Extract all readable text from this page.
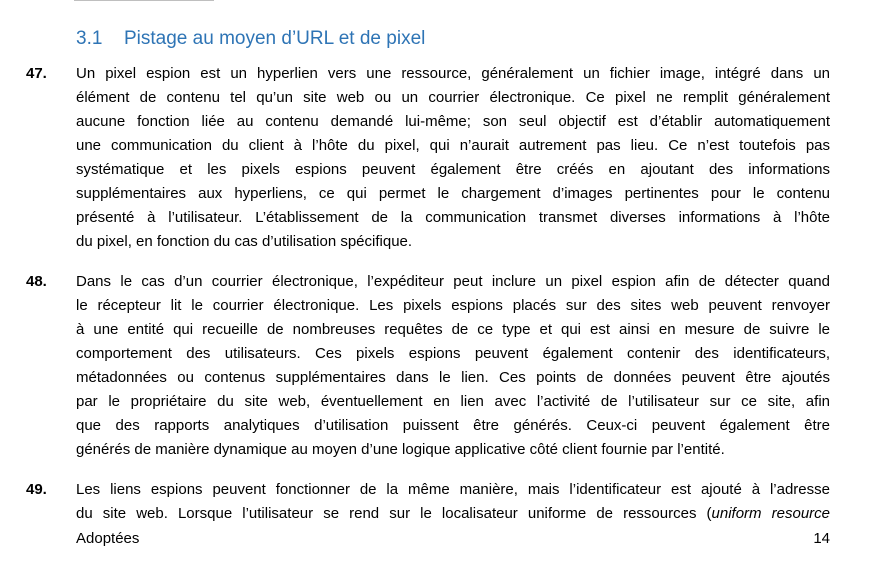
3.1 Pistage au moyen d’URL et de pixel
47. Un pixel espion est un hyperlien vers une ressource, généralement un fichier image, intégré dans un
élément de contenu tel qu’un site web ou un courrier électronique. Ce pixel ne remplit généralement
aucune fonction liée au contenu demandé lui-même; son seul objectif est d’établir automatiquement
une communication du client à l’hôte du pixel, qui n’aurait autrement pas lieu. Ce n’est toutefois pas
systématique et les pixels espions peuvent également être créés en ajoutant des informations
supplémentaires aux hyperliens, ce qui permet le chargement d’images pertinentes pour le contenu
présenté à l’utilisateur. L’établissement de la communication transmet diverses informations à l’hôte
du pixel, en fonction du cas d’utilisation spécifique.
48. Dans le cas d’un courrier électronique, l’expéditeur peut inclure un pixel espion afin de détecter quand
le récepteur lit le courrier électronique. Les pixels espions placés sur des sites web peuvent renvoyer
à une entité qui recueille de nombreuses requêtes de ce type et qui est ainsi en mesure de suivre le
comportement des utilisateurs. Ces pixels espions peuvent également contenir des identificateurs,
métadonnées ou contenus supplémentaires dans le lien. Ces points de données peuvent être ajoutés
par le propriétaire du site web, éventuellement en lien avec l’activité de l’utilisateur sur ce site, afin
que des rapports analytiques d’utilisation puissent être générés. Ceux-ci peuvent également être
générés de manière dynamique au moyen d’une logique applicative côté client fournie par l’entité.
49. Les liens espions peuvent fonctionner de la même manière, mais l’identificateur est ajouté à l’adresse
du site web. Lorsque l’utilisateur se rend sur le localisateur uniforme de ressources (uniform resource
Adoptées	14
